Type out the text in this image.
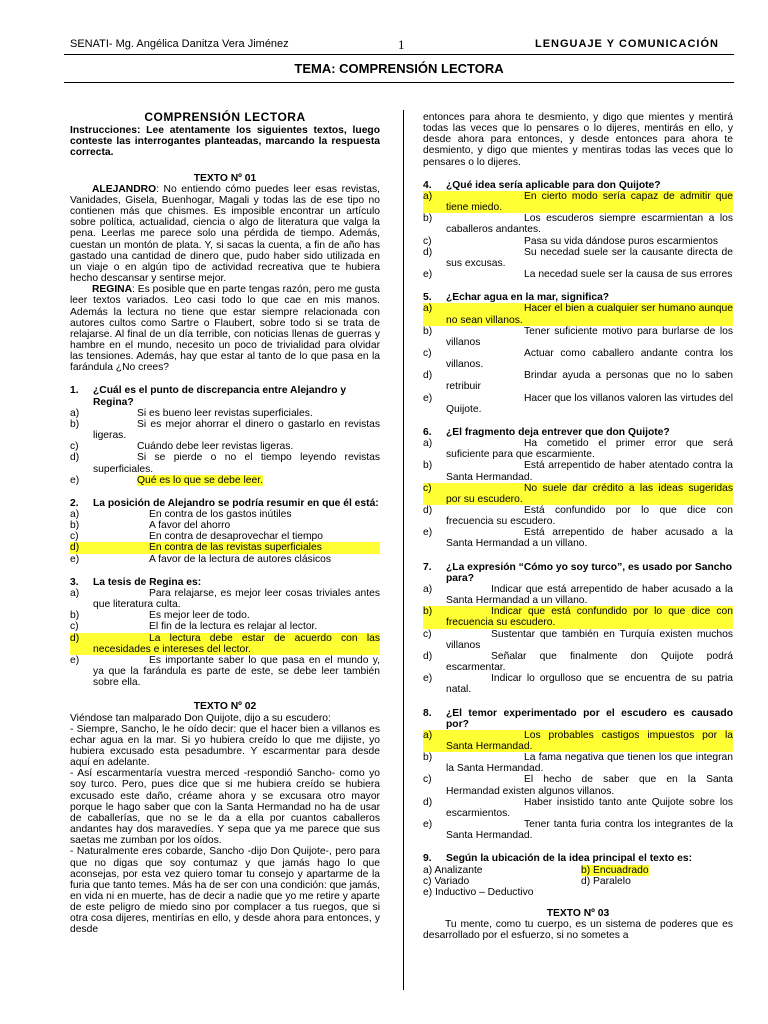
SENATI- Mg. Angélica Danitza Vera Jiménez	1	LENGUAJE Y COMUNICACIÓN
TEMA: COMPRENSIÓN LECTORA

COMPRENSIÓN LECTORA

Instrucciones: Lee atentamente los siguientes textos, luego conteste las interrogantes planteadas, marcando la respuesta correcta.

TEXTO Nº 01

ALEJANDRO: No entiendo cómo puedes leer esas revistas, Vanidades, Gisela, Buenhogar, Magali y todas las de ese tipo no contienen más que chismes. Es imposible encontrar un artículo sobre política, actualidad, ciencia o algo de literatura que valga la pena. Leerlas me parece solo una pérdida de tiempo. Además, cuestan un montón de plata. Y, si sacas la cuenta, a fin de año has gastado una cantidad de dinero que, pudo haber sido utilizada en un viaje o en algún tipo de actividad recreativa que te hubiera hecho descansar y sentirse mejor.

REGINA: Es posible que en parte tengas razón, pero me gusta leer textos variados. Leo casi todo lo que cae en mis manos. Además la lectura no tiene que estar siempre relacionada con autores cultos como Sartre o Flaubert, sobre todo si se trata de relajarse. Al final de un día terrible, con noticias llenas de guerras y hambre en el mundo, necesito un poco de trivialidad para olvidar las tensiones. Además, hay que estar al tanto de lo que pasa en la farándula ¿No crees?

1.	¿Cuál es el punto de discrepancia entre Alejandro y Regina?
a)	Si es bueno leer revistas superficiales.
b)	Si es mejor ahorrar el dinero o gastarlo en revistas ligeras.
c)	Cuándo debe leer revistas ligeras.
d)	Si se pierde o no el tiempo leyendo revistas superficiales.
e)	Qué es lo que se debe leer.
2.	La posición de Alejandro se podría resumir en que él está:
a)	En contra de los gastos inútiles
b)	A favor del ahorro
c)	En contra de desaprovechar el tiempo
d)	En contra de las revistas superficiales
e)	A favor de la lectura de autores clásicos
3.	La tesis de Regina es:
a)	Para relajarse, es mejor leer cosas triviales antes que literatura culta.
b)	Es mejor leer de todo.
c)	El fin de la lectura es relajar al lector.
d)	La lectura debe estar de acuerdo con las necesidades e intereses del lector.
e)	Es importante saber lo que pasa en el mundo y, ya que la farándula es parte de este, se debe leer también sobre ella.

TEXTO Nº 02

Viéndose tan malparado Don Quijote, dijo a su escudero:

- Siempre, Sancho, le he oído decir: que el hacer bien a villanos es echar agua en la mar. Si yo hubiera creído lo que me dijiste, yo hubiera excusado esta pesadumbre. Y escarmentar para desde aquí en adelante.

- Así escarmentaría vuestra merced -respondió Sancho- como yo soy turco. Pero, pues dice que si me hubiera creído se hubiera excusado este daño, créame ahora y se excusara otro mayor porque le hago saber que con la Santa Hermandad no ha de usar de caballerías, que no se le da a ella por cuantos caballeros andantes hay dos maravedíes. Y sepa que ya me parece que sus saetas me zumban por los oídos.

- Naturalmente eres cobarde, Sancho -dijo Don Quijote-, pero para que no digas que soy contumaz y que jamás hago lo que aconsejas, por esta vez quiero tomar tu consejo y apartarme de la furia que tanto temes. Más ha de ser con una condición: que jamás, en vida ni en muerte, has de decir a nadie que yo me retire y aparte de este peligro de miedo sino por complacer a tus ruegos, que si otra cosa dijeres, mentirías en ello, y desde ahora para entonces, y desde

entonces para ahora te desmiento, y digo que mientes y mentirá todas las veces que lo pensares o lo dijeres, mentirás en ello, y desde ahora para entonces, y desde entonces para ahora te desmiento, y digo que mientes y mentiras todas las veces que lo pensares o lo dijeres.

4.	¿Qué idea sería aplicable para don Quijote?
a)	En cierto modo sería capaz de admitir que tiene miedo.
b)	Los escuderos siempre escarmientan a los caballeros andantes.
c)	Pasa su vida dándose puros escarmientos
d)	Su necedad suele ser la causante directa de sus excusas.
e)	La necedad suele ser la causa de sus errores
5.	¿Echar agua en la mar, significa?
a)	Hacer el bien a cualquier ser humano aunque no sean villanos.
b)	Tener suficiente motivo para burlarse de los villanos
c)	Actuar como caballero andante contra los villanos.
d)	Brindar ayuda a personas que no lo saben retribuir
e)	Hacer que los villanos valoren las virtudes del Quijote.
6.	¿El fragmento deja entrever que don Quijote?
a)	Ha cometido el primer error que será suficiente para que escarmiente.
b)	Está arrepentido de haber atentado contra la Santa Hermandad.
c)	No suele dar crédito a las ideas sugeridas por su escudero.
d)	Está confundido por lo que dice con frecuencia su escudero.
e)	Está arrepentido de haber acusado a la Santa Hermandad a un villano.
7.	¿La expresión “Cómo yo soy turco”, es usado por Sancho para?
a)	Indicar que está arrepentido de haber acusado a la Santa Hermandad a un villano.
b)	Indicar que está confundido por lo que dice con frecuencia su escudero.
c)	Sustentar que también en Turquía existen muchos villanos
d)	Señalar que finalmente don Quijote podrá escarmentar.
e)	Indicar lo orgulloso que se encuentra de su patria natal.
8.	¿El temor experimentado por el escudero es causado por?
a)	Los probables castigos impuestos por la Santa Hermandad.
b)	La fama negativa que tienen los que integran la Santa Hermandad.
c)	El hecho de saber que en la Santa Hermandad existen algunos villanos.
d)	Haber insistido tanto ante Quijote sobre los escarmientos.
e)	Tener tanta furia contra los integrantes de la Santa Hermandad.
9.	Según la ubicación de la idea principal el texto es:
a) Analizante	b) Encuadrado
c) Variado	d) Paralelo
e) Inductivo – Deductivo

TEXTO Nº 03

Tu mente, como tu cuerpo, es un sistema de poderes que es desarrollado por el esfuerzo, si no sometes a
